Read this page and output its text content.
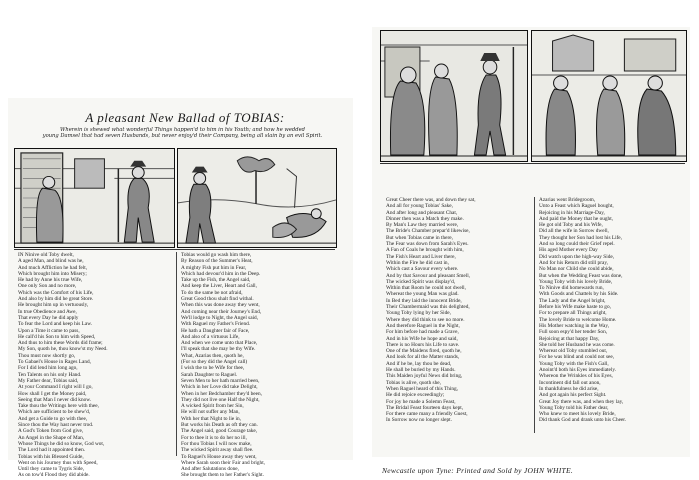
A pleasant New Ballad of TOBIAS:
Wherein is shewed what wonderful Things happen'd to him in his Youth; and how he wedded
young Damsel that had seven Husbands, but never enjoy'd their Company, being all slain by an evil Spirit.
IN Ninive old Toby dwelt,
A aged Man, and blind was he,
And much Affliction he had felt,
Which brought him into Misery;
He had by Anne his true Wife,
One only Son and no more,
Which was the Comfort of his Life,
And also by him did he great Store.
He brought him up in vertuously,
In true Obedience and Awe,
That every Day he did apply
To fear the Lord and keep his Law.
Upon a Time it came to pass,
He call'd his Son to him with Speed,
And thus to him these Words did frame;
My Son, quoth he, thou know'st my Need.
Thou must now shortly go,
To Gabael's House in Rages Land,
For I did lend him long ago,
Ten Talents on his only Hand.
My Father dear, Tobias said,
At your Command I right will I go,
How shall I get the Money paid,
Seeing that Man I never did know.
Take thou the Writings here with thee,
Which are sufficient to be shew'd,
And get a Guide to go with thee,
Since thou the Way hast never trod.
A God's Token from God give,
An Angel in the Shape of Man,
Whose Things he did so know, God wot,
The Lord had it appointed then.
Tobias with his Blessed Guide,
Went on his Journey thus with Speed,
Until they came to Tygris Side,
As on tow'd Flood they did abide.
Tobias would go wash him there,
By Reason of the Summer's Heat,
A mighty Fish put him in Fear,
Which had devour'd him in the Deep.
Take up the Fish, the Angel said,
And keep the Liver, Heart and Gall,
To do the same be not afraid,
Great Good thou shalt find withal.
When this was done away they went,
And coming near their Journey's End,
We'll lodge to Night, the Angel said,
With Raguel my Father's Friend.
He hath a Daughter fair of Face,
And also of a virtuous Life,
And when we come unto that Place,
I'll speak that she may be thy Wife.
What, Azarias then, quoth he,
(For so they did the Angel call)
I wish the to be Wife for thee,
Sarah Daughter to Raguel.
Seven Men to her hath married been,
Which in her Love did take Delight,
When in her Bedchamber they'd been,
They did not live one Half the Night,
A wicked Spirit from her Sin,
He will not suffer any Man,
With her that Night to lie in,
But works his Death as oft they can.
The Angel said, good Courage take,
For to thee it is to do her no ill,
For thou Tobias I will now make,
The wicked Spirit away shall flee.
To Raguel's House away they went,
Where Sarah soon their Fair and bright,
And after Salutations done,
She brought them to her Father's Sight.
Great Cheer there was, and down they sat,
And all for young Tobias' Sake,
And after long and pleasant Chat,
Dinner then was a Match they make.
By Man's Law they married were,
The Bride's Chamber prepar'd likewise,
But when Tobias came in there,
The Fear was down from Sarah's Eyes.
A Fan of Coals he brought with him,
The Fish's Heart and Liver there,
Within the Fire he did cast in,
Which cast a Savour every where.
And by that Savour and pleasant Smell,
The wicked Spirit was display'd,
Within that Room he could not dwell,
Whereat the young Man was glad.
In Bed they laid the innocent Bride,
Their Chambermaid was this delighted,
Young Toby lying by her Side,
Where they did think to see no more.
And therefore Raguel in the Night,
For him before had made a Grave,
And in his Wife he hope and said,
There is no Hours his Life to save.
One of the Maidens fired, quoth he,
And look for all the Matter stands,
And if he be, lay thou be dead,
He shall be buried by my Hands.
This Maiden joyful News did bring,
Tobias is alive, quoth she,
When Raguel heard of this Thing,
He did rejoice exceedingly;
For joy he made a Solemn Feast,
The Bridal Feast fourteen days kept,
For there came many a friendly Guest,
In Sorrow now no longer slept.
Azarias went Bridegroom,
Unto a Feast which Raguel bought,
Rejoicing in his Marriage-Day,
And paid the Money that he ought,
He got old Toby and his Wife,
Did all the wife in Sorrow dwell,
They thought her Son had lost his Life,
And so long could their Grief repel.
His aged Mother every Day
Did watch upon the high-way Side,
And for his Return did still pray,
No Man nor Child she could abide,
But when the Wedding Feast was done,
Young Toby with his lovely Bride,
To Ninive did homewards run,
With Goods and Chattels by his Side.
The Lady and the Angel bright,
Before his Wife make haste to go,
For to prepare all Things aright,
The lovely Bride to welcome Home.
His Mother watching in the Way,
Full soon espy'd her tender Son,
Rejoicing at that happy Day,
She told her Husband he was come.
Whereat old Toby stumbled out,
For he was blind and could not see,
Young Toby with the Fish's Gall,
Anoint'd both his Eyes immediately.
Whereon the Wrinkles of his Eyes,
Incontinent did fall out anon,
In thankfulness he did arise,
And got again his perfect Sight.
Great Joy there was, and when they lay,
Young Toby told his Father dear,
Who knew to meet his lovely Bride,
Did thank God and drank unto his Cheer.
Newcastle upon Tyne: Printed and Sold by JOHN WHITE.
